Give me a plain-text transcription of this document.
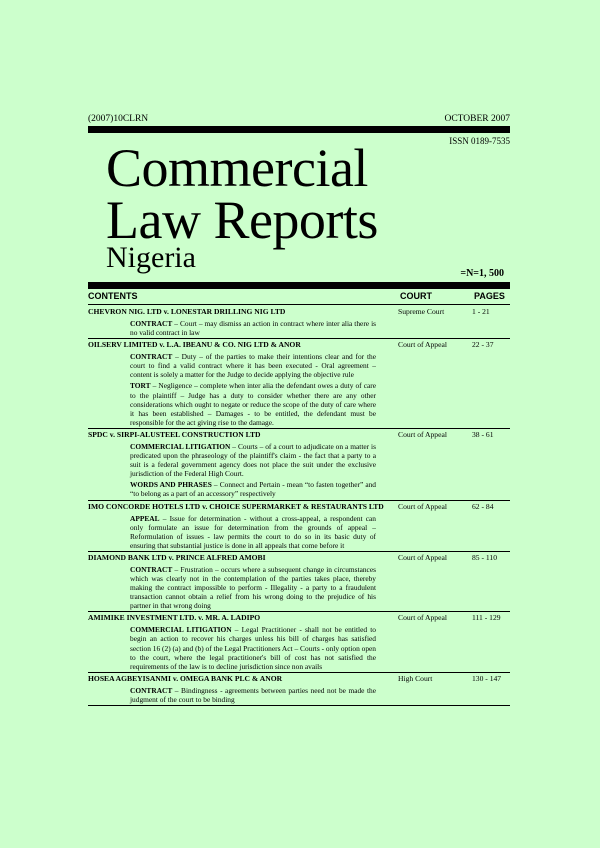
(2007)10CLRN	OCTOBER 2007
ISSN 0189-7535
Commercial
Law Reports
Nigeria	=N=1, 500
CONTENTS	COURT	PAGES
CHEVRON NIG. LTD v. LONESTAR DRILLING NIG LTD	Supreme Court	1 - 21
CONTRACT – Court – may dismiss an action in contract where inter alia there is no valid contract in law
OILSERV LIMITED v. L.A. IBEANU & CO. NIG LTD & ANOR	Court of Appeal	22 - 37
CONTRACT – Duty – of the parties to make their intentions clear and for the court to find a valid contract where it has been executed - Oral agreement – content is solely a matter for the Judge to decide applying the objective rule
TORT – Negligence – complete when inter alia the defendant owes a duty of care to the plaintiff – Judge has a duty to consider whether there are any other considerations which ought to negate or reduce the scope of the duty of care where it has been established – Damages - to be entitled, the defendant must be responsible for the act giving rise to the damage.
SPDC v. SIRPI-ALUSTEEL CONSTRUCTION LTD	Court of Appeal	38 - 61
COMMERCIAL LITIGATION – Courts – of a court to adjudicate on a matter is predicated upon the phraseology of the plaintiff's claim - the fact that a party to a suit is a federal government agency does not place the suit under the exclusive jurisdiction of the Federal High Court.
WORDS AND PHRASES – Connect and Pertain - mean “to fasten together” and “to belong as a part of an accessory” respectively
IMO CONCORDE HOTELS LTD v. CHOICE SUPERMARKET & RESTAURANTS LTD	Court of Appeal	62 - 84
APPEAL – Issue for determination - without a cross-appeal, a respondent can only formulate an issue for determination from the grounds of appeal – Reformulation of issues - law permits the court to do so in its basic duty of ensuring that substantial justice is done in all appeals that come before it
DIAMOND BANK LTD v. PRINCE ALFRED AMOBI	Court of Appeal	85 - 110
CONTRACT – Frustration – occurs where a subsequent change in circumstances which was clearly not in the contemplation of the parties takes place, thereby making the contract impossible to perform - Illegality - a party to a fraudulent transaction cannot obtain a relief from his wrong doing to the prejudice of his partner in that wrong doing
AMIMIKE INVESTMENT LTD. v. MR. A. LADIPO	Court of Appeal	111 - 129
COMMERCIAL LITIGATION – Legal Practitioner - shall not be entitled to begin an action to recover his charges unless his bill of charges has satisfied section 16 (2) (a) and (b) of the Legal Practitioners Act – Courts - only option open to the court, where the legal practitioner's bill of cost has not satisfied the requirements of the law is to decline jurisdiction since non avails
HOSEA AGBEYISANMI v. OMEGA BANK PLC & ANOR	High Court	130 - 147
CONTRACT – Bindingness - agreements between parties need not be made the judgment of the court to be binding
